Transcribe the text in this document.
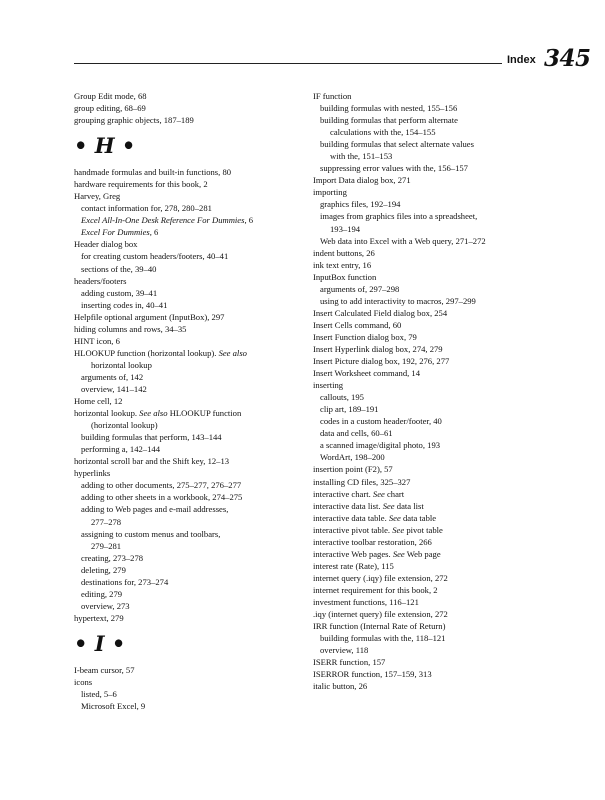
Index 345
Group Edit mode, 68
group editing, 68–69
grouping graphic objects, 187–189
• H •
handmade formulas and built-in functions, 80
hardware requirements for this book, 2
Harvey, Greg
contact information for, 278, 280–281
Excel All-In-One Desk Reference For Dummies, 6
Excel For Dummies, 6
Header dialog box
for creating custom headers/footers, 40–41
sections of the, 39–40
headers/footers
adding custom, 39–41
inserting codes in, 40–41
Helpfile optional argument (InputBox), 297
hiding columns and rows, 34–35
HINT icon, 6
HLOOKUP function (horizontal lookup). See also
horizontal lookup
arguments of, 142
overview, 141–142
Home cell, 12
horizontal lookup. See also HLOOKUP function
(horizontal lookup)
building formulas that perform, 143–144
performing a, 142–144
horizontal scroll bar and the Shift key, 12–13
hyperlinks
adding to other documents, 275–277, 276–277
adding to other sheets in a workbook, 274–275
adding to Web pages and e-mail addresses,
277–278
assigning to custom menus and toolbars,
279–281
creating, 273–278
deleting, 279
destinations for, 273–274
editing, 279
overview, 273
hypertext, 279
• I •
I-beam cursor, 57
icons
listed, 5–6
Microsoft Excel, 9
IF function
building formulas with nested, 155–156
building formulas that perform alternate
calculations with the, 154–155
building formulas that select alternate values
with the, 151–153
suppressing error values with the, 156–157
Import Data dialog box, 271
importing
graphics files, 192–194
images from graphics files into a spreadsheet,
193–194
Web data into Excel with a Web query, 271–272
indent buttons, 26
ink text entry, 16
InputBox function
arguments of, 297–298
using to add interactivity to macros, 297–299
Insert Calculated Field dialog box, 254
Insert Cells command, 60
Insert Function dialog box, 79
Insert Hyperlink dialog box, 274, 279
Insert Picture dialog box, 192, 276, 277
Insert Worksheet command, 14
inserting
callouts, 195
clip art, 189–191
codes in a custom header/footer, 40
data and cells, 60–61
a scanned image/digital photo, 193
WordArt, 198–200
insertion point (F2), 57
installing CD files, 325–327
interactive chart. See chart
interactive data list. See data list
interactive data table. See data table
interactive pivot table. See pivot table
interactive toolbar restoration, 266
interactive Web pages. See Web page
interest rate (Rate), 115
internet query (.iqy) file extension, 272
internet requirement for this book, 2
investment functions, 116–121
.iqy (internet query) file extension, 272
IRR function (Internal Rate of Return)
building formulas with the, 118–121
overview, 118
ISERR function, 157
ISERROR function, 157–159, 313
italic button, 26
